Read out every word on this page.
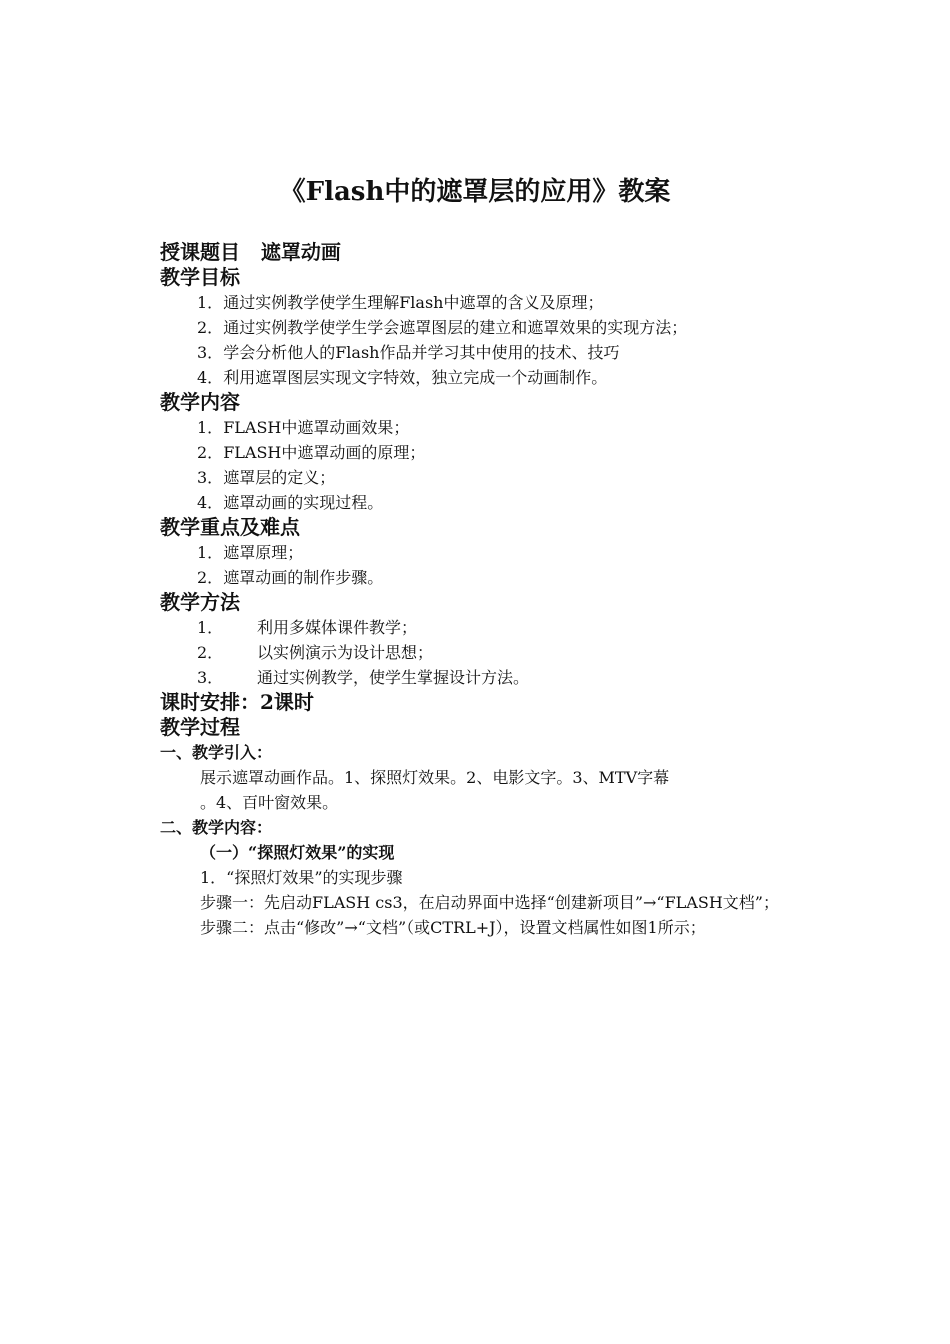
《Flash中的遮罩层的应用》教案

授课题目 遮罩动画

教学目标

1．通过实例教学使学生理解Flash中遮罩的含义及原理；

2．通过实例教学使学生学会遮罩图层的建立和遮罩效果的实现方法；

3．学会分析他人的Flash作品并学习其中使用的技术、技巧

4．利用遮罩图层实现文字特效，独立完成一个动画制作。

教学内容

1．FLASH中遮罩动画效果；

2．FLASH中遮罩动画的原理；

3．遮罩层的定义；

4．遮罩动画的实现过程。

教学重点及难点

1．遮罩原理；

2．遮罩动画的制作步骤。

教学方法

1． 利用多媒体课件教学；

2． 以实例演示为设计思想；

3． 通过实例教学，使学生掌握设计方法。

课时安排：2课时

教学过程

一、教学引入：

展示遮罩动画作品。1、探照灯效果。2、电影文字。3、MTV字幕

。4、百叶窗效果。

二、教学内容：

（一）“探照灯效果”的实现

1．“探照灯效果”的实现步骤

步骤一：先启动FLASH cs3，在启动界面中选择“创建新项目”→“FLASH文档”；

步骤二：点击“修改”→“文档”（或CTRL+J），设置文档属性如图1所示；
